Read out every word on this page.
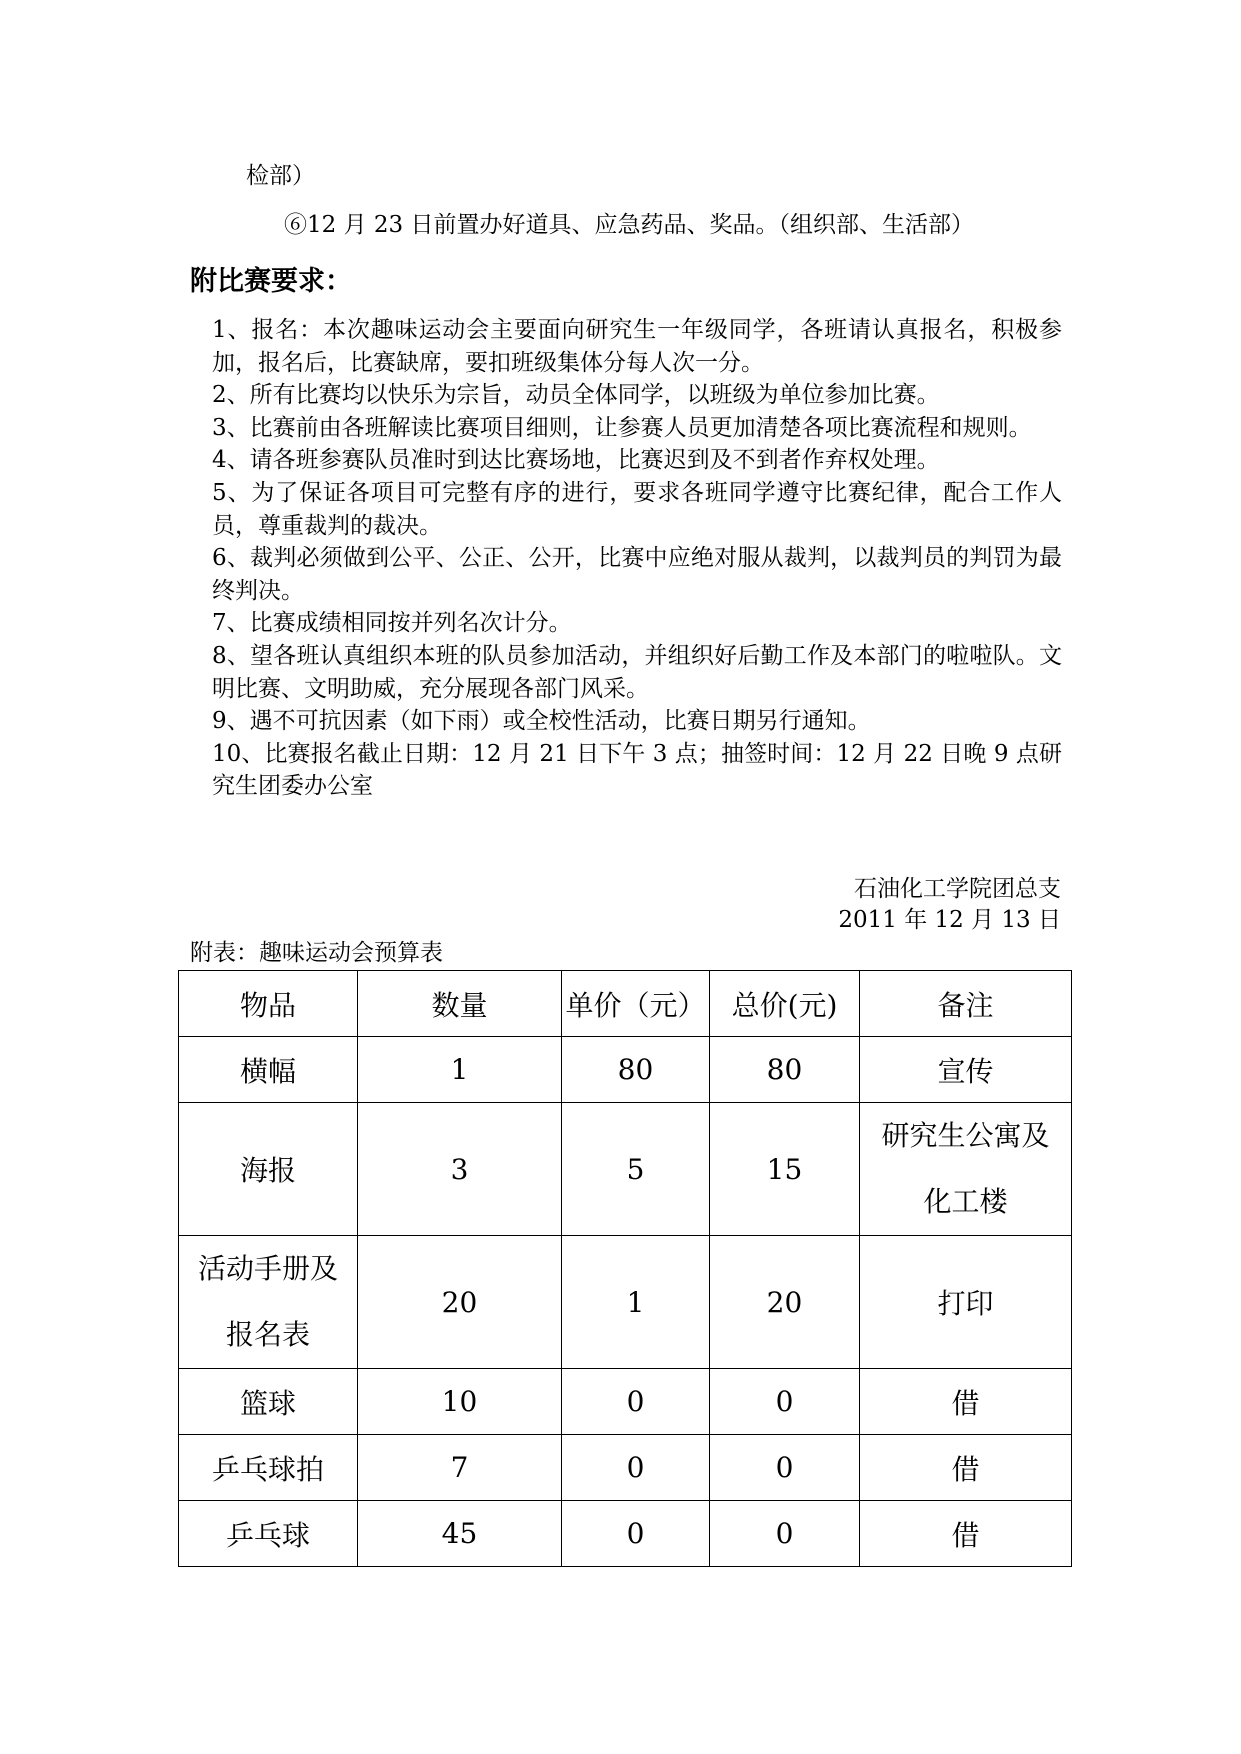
检部）
⑥12 月 23 日前置办好道具、应急药品、奖品。（组织部、生活部）
附比赛要求：

1、报名：本次趣味运动会主要面向研究生一年级同学，各班请认真报名，积极参加，报名后，比赛缺席，要扣班级集体分每人次一分。

2、所有比赛均以快乐为宗旨，动员全体同学，以班级为单位参加比赛。

3、比赛前由各班解读比赛项目细则，让参赛人员更加清楚各项比赛流程和规则。

4、请各班参赛队员准时到达比赛场地，比赛迟到及不到者作弃权处理。

5、为了保证各项目可完整有序的进行，要求各班同学遵守比赛纪律，配合工作人员，尊重裁判的裁决。

6、裁判必须做到公平、公正、公开，比赛中应绝对服从裁判，以裁判员的判罚为最终判决。

7、比赛成绩相同按并列名次计分。

8、望各班认真组织本班的队员参加活动，并组织好后勤工作及本部门的啦啦队。文明比赛、文明助威，充分展现各部门风采。

9、遇不可抗因素（如下雨）或全校性活动，比赛日期另行通知。

10、比赛报名截止日期：12 月 21 日下午 3 点；抽签时间：12 月 22 日晚 9 点研究生团委办公室

石油化工学院团总支
2011 年 12 月 13 日
附表：趣味运动会预算表
物品	数量	单价（元）	总价(元)	备注
横幅	1	80	80	宣传
海报	3	5	15	研究生公寓及
化工楼

活动手册及
报名表	20	1	20	打印
篮球	10	0	0	借
乒乓球拍	7	0	0	借
乒乓球	45	0	0	借
